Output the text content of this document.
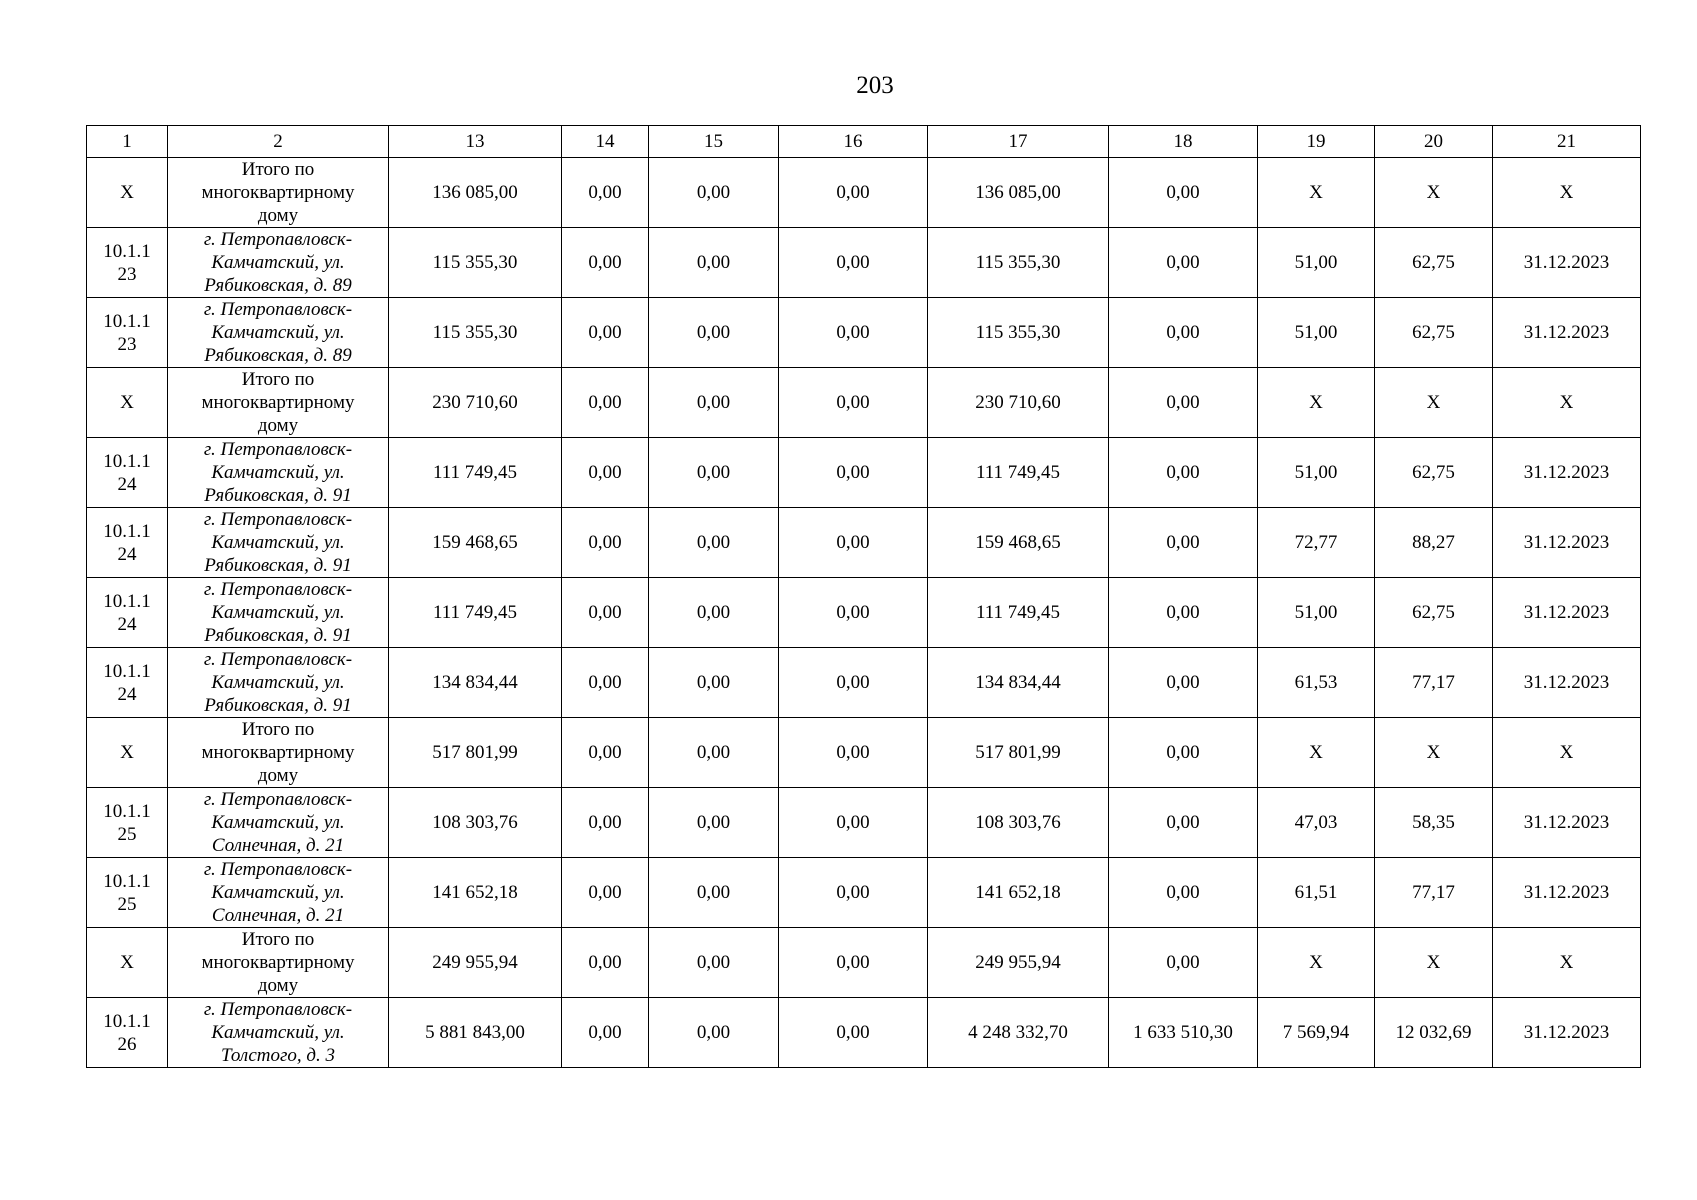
203
1	2	13	14	15	16	17	18	19	20	21

X	Итого по
многоквартирному
дому	136 085,00	0,00	0,00	0,00	136 085,00	0,00	X	X	X

10.1.1
23	г. Петропавловск-
Камчатский, ул.
Рябиковская, д. 89	115 355,30	0,00	0,00	0,00	115 355,30	0,00	51,00	62,75	31.12.2023

10.1.1
23	г. Петропавловск-
Камчатский, ул.
Рябиковская, д. 89	115 355,30	0,00	0,00	0,00	115 355,30	0,00	51,00	62,75	31.12.2023

X	Итого по
многоквартирному
дому	230 710,60	0,00	0,00	0,00	230 710,60	0,00	X	X	X

10.1.1
24	г. Петропавловск-
Камчатский, ул.
Рябиковская, д. 91	111 749,45	0,00	0,00	0,00	111 749,45	0,00	51,00	62,75	31.12.2023

10.1.1
24	г. Петропавловск-
Камчатский, ул.
Рябиковская, д. 91	159 468,65	0,00	0,00	0,00	159 468,65	0,00	72,77	88,27	31.12.2023

10.1.1
24	г. Петропавловск-
Камчатский, ул.
Рябиковская, д. 91	111 749,45	0,00	0,00	0,00	111 749,45	0,00	51,00	62,75	31.12.2023

10.1.1
24	г. Петропавловск-
Камчатский, ул.
Рябиковская, д. 91	134 834,44	0,00	0,00	0,00	134 834,44	0,00	61,53	77,17	31.12.2023

X	Итого по
многоквартирному
дому	517 801,99	0,00	0,00	0,00	517 801,99	0,00	X	X	X

10.1.1
25	г. Петропавловск-
Камчатский, ул.
Солнечная, д. 21	108 303,76	0,00	0,00	0,00	108 303,76	0,00	47,03	58,35	31.12.2023

10.1.1
25	г. Петропавловск-
Камчатский, ул.
Солнечная, д. 21	141 652,18	0,00	0,00	0,00	141 652,18	0,00	61,51	77,17	31.12.2023

X	Итого по
многоквартирному
дому	249 955,94	0,00	0,00	0,00	249 955,94	0,00	X	X	X

10.1.1
26	г. Петропавловск-
Камчатский, ул.
Толстого, д. 3	5 881 843,00	0,00	0,00	0,00	4 248 332,70	1 633 510,30	7 569,94	12 032,69	31.12.2023
